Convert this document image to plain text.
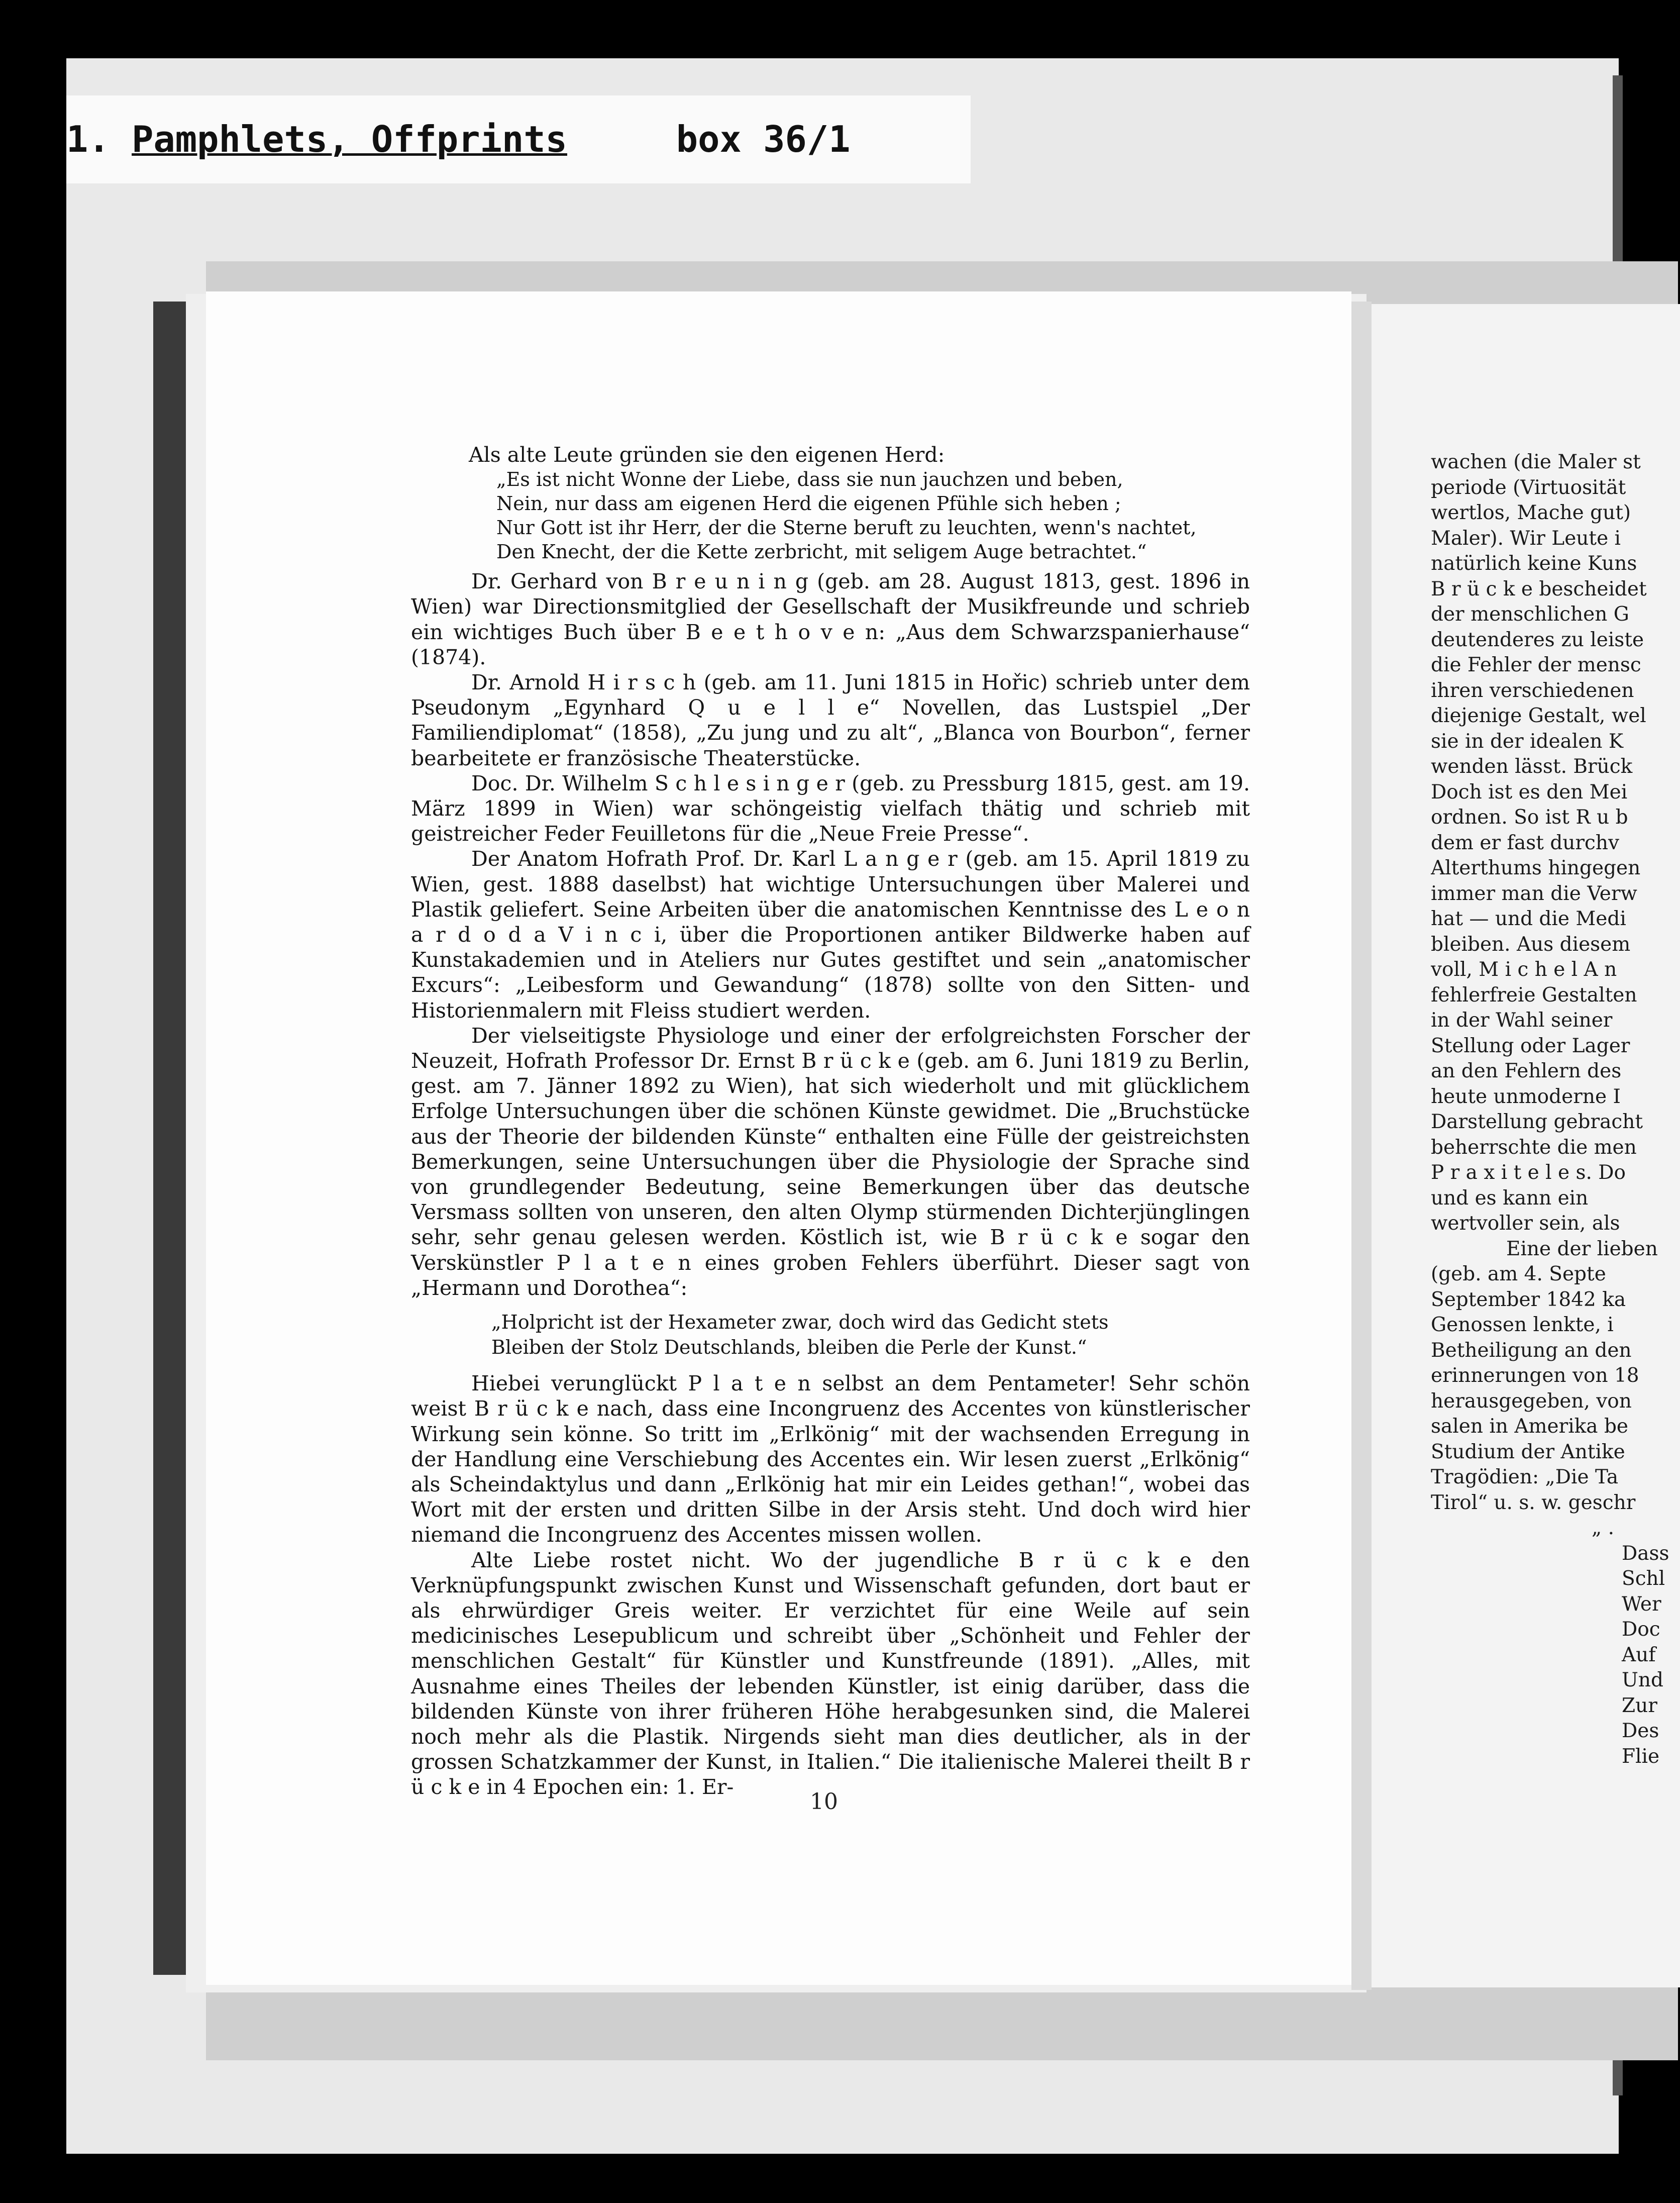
1. Pamphlets, Offprints	box 36/1
Als alte Leute gründen sie den eigenen Herd:
„Es ist nicht Wonne der Liebe, dass sie nun jauchzen und beben,
Nein, nur dass am eigenen Herd die eigenen Pfühle sich heben ;
Nur Gott ist ihr Herr, der die Sterne beruft zu leuchten, wenn's nachtet,
Den Knecht, der die Kette zerbricht, mit seligem Auge betrachtet.“

Dr. Gerhard von B r e u n i n g (geb. am 28. August 1813, gest. 1896 in Wien) war Directionsmitglied der Gesellschaft der Musikfreunde und schrieb ein wichtiges Buch über B e e t h o v e n: „Aus dem Schwarzspanierhause“ (1874).

Dr. Arnold H i r s c h (geb. am 11. Juni 1815 in Hořic) schrieb unter dem Pseudonym „Egynhard Q u e l l e“ Novellen, das Lustspiel „Der Familiendiplomat“ (1858), „Zu jung und zu alt“, „Blanca von Bourbon“, ferner bearbeitete er französische Theaterstücke.

Doc. Dr. Wilhelm S c h l e s i n g e r (geb. zu Pressburg 1815, gest. am 19. März 1899 in Wien) war schöngeistig vielfach thätig und schrieb mit geistreicher Feder Feuilletons für die „Neue Freie Presse“.

Der Anatom Hofrath Prof. Dr. Karl L a n g e r (geb. am 15. April 1819 zu Wien, gest. 1888 daselbst) hat wichtige Untersuchungen über Malerei und Plastik geliefert. Seine Arbeiten über die anatomischen Kenntnisse des L e o n a r d o d a V i n c i, über die Proportionen antiker Bildwerke haben auf Kunstakademien und in Ateliers nur Gutes gestiftet und sein „anatomischer Excurs“: „Leibesform und Gewandung“ (1878) sollte von den Sitten- und Historienmalern mit Fleiss studiert werden.

Der vielseitigste Physiologe und einer der erfolgreichsten Forscher der Neuzeit, Hofrath Professor Dr. Ernst B r ü c k e (geb. am 6. Juni 1819 zu Berlin, gest. am 7. Jänner 1892 zu Wien), hat sich wiederholt und mit glücklichem Erfolge Untersuchungen über die schönen Künste gewidmet. Die „Bruchstücke aus der Theorie der bildenden Künste“ enthalten eine Fülle der geistreichsten Bemerkungen, seine Untersuchungen über die Physiologie der Sprache sind von grundlegender Bedeutung, seine Bemerkungen über das deutsche Versmass sollten von unseren, den alten Olymp stürmenden Dichterjünglingen sehr, sehr genau gelesen werden. Köstlich ist, wie B r ü c k e sogar den Verskünstler P l a t e n eines groben Fehlers überführt. Dieser sagt von „Hermann und Dorothea“:

„Holpricht ist der Hexameter zwar, doch wird das Gedicht stets
Bleiben der Stolz Deutschlands, bleiben die Perle der Kunst.“

Hiebei verunglückt P l a t e n selbst an dem Pentameter! Sehr schön weist B r ü c k e nach, dass eine Incongruenz des Accentes von künstlerischer Wirkung sein könne. So tritt im „Erlkönig“ mit der wachsenden Erregung in der Handlung eine Verschiebung des Accentes ein. Wir lesen zuerst „Erlkönig“ als Scheindaktylus und dann „Erlkönig hat mir ein Leides gethan!“, wobei das Wort mit der ersten und dritten Silbe in der Arsis steht. Und doch wird hier niemand die Incongruenz des Accentes missen wollen.

Alte Liebe rostet nicht. Wo der jugendliche B r ü c k e den Verknüpfungspunkt zwischen Kunst und Wissenschaft gefunden, dort baut er als ehrwürdiger Greis weiter. Er verzichtet für eine Weile auf sein medicinisches Lesepublicum und schreibt über „Schönheit und Fehler der menschlichen Gestalt“ für Künstler und Kunstfreunde (1891). „Alles, mit Ausnahme eines Theiles der lebenden Künstler, ist einig darüber, dass die bildenden Künste von ihrer früheren Höhe herabgesunken sind, die Malerei noch mehr als die Plastik. Nirgends sieht man dies deutlicher, als in der grossen Schatzkammer der Kunst, in Italien.“ Die italienische Malerei theilt B r ü c k e in 4 Epochen ein: 1. Er-

10
wachen (die Maler st
periode (Virtuosität
wertlos, Mache gut)
Maler). Wir Leute i
natürlich keine Kuns
B r ü c k e bescheidet
der menschlichen G
deutenderes zu leiste
die Fehler der mensc
ihren verschiedenen
diejenige Gestalt, wel
sie in der idealen K
wenden lässt. Brück
Doch ist es den Mei
ordnen. So ist R u b
dem er fast durchv
Alterthums hingegen
immer man die Verw
hat — und die Medi
bleiben. Aus diesem
voll, M i c h e l A n
fehlerfreie Gestalten
in der Wahl seiner
Stellung oder Lager
an den Fehlern des
heute unmoderne I
Darstellung gebracht
beherrschte die men
P r a x i t e l e s. Do
und es kann ein
wertvoller sein, als
Eine der lieben
(geb. am 4. Septe
September 1842 ka
Genossen lenkte, i
Betheiligung an den
erinnerungen von 18
herausgegeben, von
salen in Amerika be
Studium der Antike
Tragödien: „Die Ta
Tirol“ u. s. w. geschr
„ .
Dass
Schl
Wer
Doc
Auf
Und
Zur
Des
Flie
